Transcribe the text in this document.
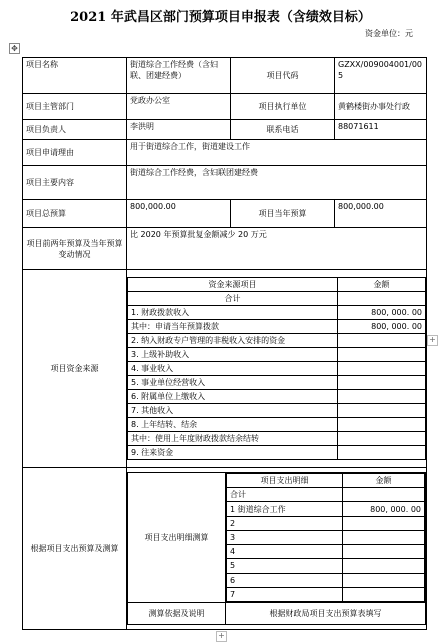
2021 年武昌区部门预算项目申报表（含绩效目标）
资金单位：元
✥
项目名称	街道综合工作经费（含妇联、团建经费）	项目代码	GZXX/009004001/005
项目主管部门	党政办公室	项目执行单位	黄鹤楼街办事处行政
项目负责人	李洪明	联系电话	88071611
项目申请理由	用于街道综合工作，街道建设工作
项目主要内容	街道综合工作经费，含妇联团建经费
项目总预算	800,000.00	项目当年预算	800,000.00
项目前两年预算及当年预算变动情况	比 2020 年预算批复金额减少 20 万元
项目资金来源	
资金来源项目	金额
合计	
1. 财政拨款收入	800, 000. 00
其中：申请当年预算拨款	800, 000. 00
2. 纳入财政专户管理的非税收入安排的资金	
3. 上级补助收入	
4. 事业收入	
5. 事业单位经营收入	
6. 附属单位上缴收入	
7. 其他收入	
8. 上年结转、结余	
其中：使用上年度财政拨款结余结转	
9. 往来资金	

根据项目支出预算及测算	
项目支出明细测算	
项目支出明细	金额
合计	
1 街道综合工作	800, 000. 00
2	
3	
4	
5	
6	
7	

测算依据及说明	根据财政局项目支出预算表填写
+
+
